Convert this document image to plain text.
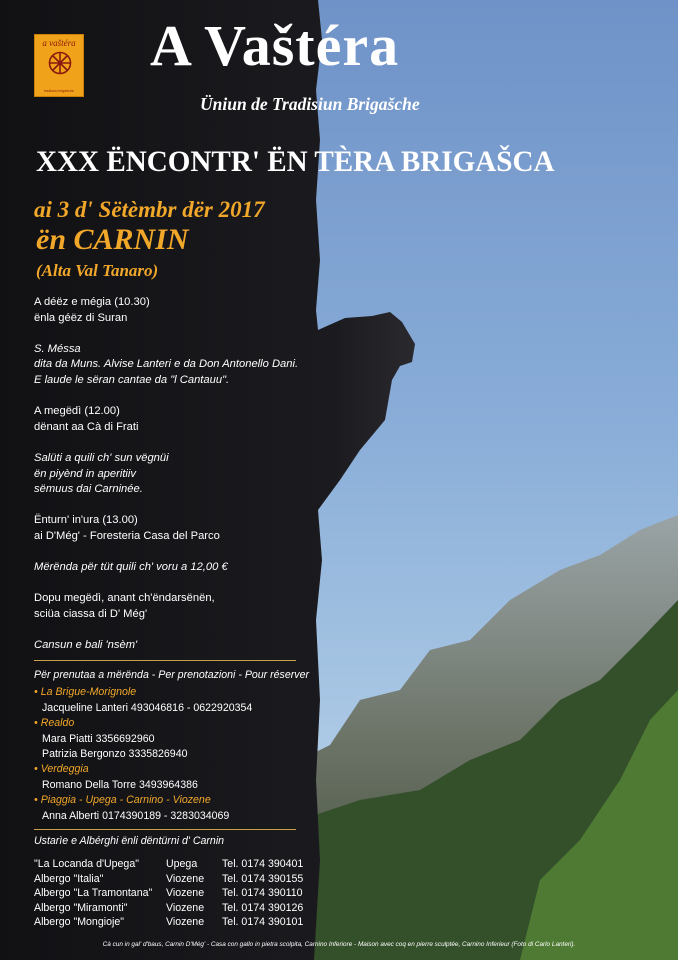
a vaštéra
tradisiun brigašche
A Vaštéra
Üniun de Tradisiun Brigašche
XXX ËNCONTR' ËN TÈRA BRIGAŠCA
ai 3 d' Sëtèmbr dër 2017
ën CARNIN
(Alta Val Tanaro)

A déëz e mégia (10.30)
ënla géëz di Suran

S. Méssa
dita da Muns. Alvise Lanteri e da Don Antonello Dani.
E laude le sëran cantae da "l Cantauu".

A megëdì (12.00)
dënant aa Cà di Frati

Salüti a quili ch' sun vëgnüi
ën piyènd in aperitiiv
sëmuus dai Carninée.

Ënturn' in'ura (13.00)
ai D'Még' - Foresteria Casa del Parco

Mërënda për tüt quili ch' voru a 12,00 €

Dopu megëdì, anant ch'ëndarsënën,
sciüa ciassa di D' Még'

Cansun e bali 'nsèm'

Për prenutaa a mërënda - Per prenotazioni - Pour réserver
• La Brigue-Morignole
Jacqueline Lanteri 493046816 - 0622920354
• Realdo
Mara Piatti 3356692960
Patrizia Bergonzo 3335826940
• Verdeggia
Romano Della Torre 3493964386
• Piaggia - Upega - Carnino - Viozene
Anna Alberti 0174390189 - 3283034069
Ustarìe e Albérghi ënli dëntürni d' Carnin
"La Locanda d'Upega"	Upega	Tel. 0174 390401
Albergo "Italia"	Viozene	Tel. 0174 390155
Albergo "La Tramontana"	Viozene	Tel. 0174 390110
Albergo "Miramonti"	Viozene	Tel. 0174 390126
Albergo "Mongioje"	Viozene	Tel. 0174 390101
Cà cun in gal' d'baus, Carnin D'Még' - Casa con gallo in pietra scolpita, Carnino Inferiore - Maison avec coq en pierre sculptée, Carnino Inferieur (Foto di Carlo Lanteri).
